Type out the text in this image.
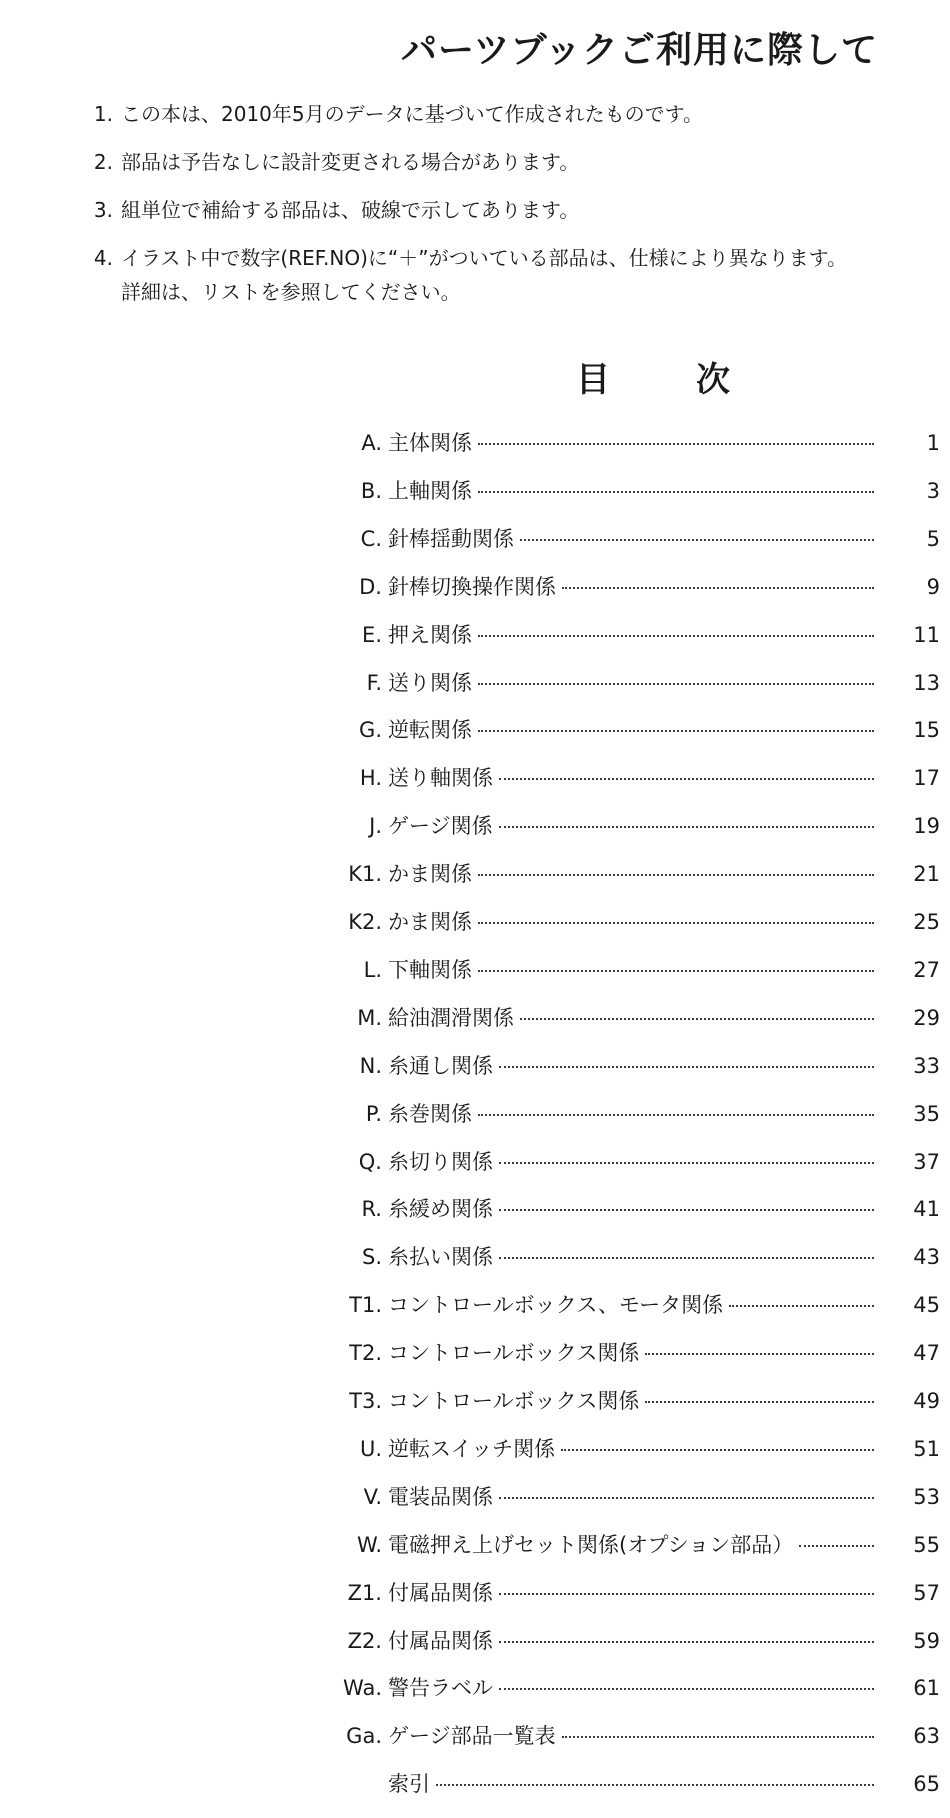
パーツブックご利用に際して
1. この本は、2010年5月のデータに基づいて作成されたものです。
2. 部品は予告なしに設計変更される場合があります。
3. 組単位で補給する部品は、破線で示してあります。
4. イラスト中で数字(REF.NO)に“＋”がついている部品は、仕様により異なります。
詳細は、リストを参照してください。
目	次
A. 主体関係	1
B. 上軸関係	3
C. 針棒揺動関係	5
D. 針棒切換操作関係	9
E. 押え関係	11
F. 送り関係	13
G. 逆転関係	15
H. 送り軸関係	17
J. ゲージ関係	19
K1. かま関係	21
K2. かま関係	25
L. 下軸関係	27
M. 給油潤滑関係	29
N. 糸通し関係	33
P. 糸巻関係	35
Q. 糸切り関係	37
R. 糸緩め関係	41
S. 糸払い関係	43
T1. コントロールボックス、モータ関係	45
T2. コントロールボックス関係	47
T3. コントロールボックス関係	49
U. 逆転スイッチ関係	51
V. 電装品関係	53
W. 電磁押え上げセット関係(オプション部品）	55
Z1. 付属品関係	57
Z2. 付属品関係	59
Wa. 警告ラベル	61
Ga. ゲージ部品一覧表	63
索引	65
